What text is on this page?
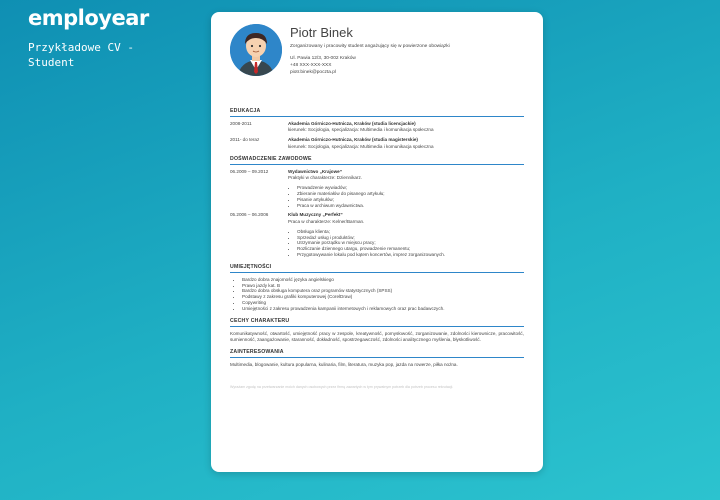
employear
Przykładowe CV - Student
Piotr Binek
Zorganizowany i pracowity student angażujący się w powierzone obowiązki
Ul. Pawia 12/3, 30-002 Kraków
+48 XXX-XXX-XXX
piotr.binek@poczta.pl
EDUKACJA
2008-2011	Akademia Górniczo-Hutnicza, Kraków (studia licencjackie)
kierunek: Socjologia, specjalizacja: Multimedia i komunikacja społeczna
2011- do teraz	Akademia Górniczo-Hutnicza, Kraków (studia magisterskie)
kierunek: Socjologia, specjalizacja: Multimedia i komunikacja społeczna
DOŚWIADCZENIE ZAWODOWE
06.2009 – 09.2012	Wydawnictwo „Krajowe”
Praktyki w charakterze: Dziennikarz.
• Prowadzenie wywiadów;
• Zbieranie materiałów do pisanego artykułu;
• Pisanie artykułów;
• Praca w archiwum wydawnictwa.
05.2006 – 06.2006	Klub Muzyczny „Perfekt”
Praca w charakterze: Kelner/Barman.
• Obsługa klienta;
• Sprzedaż usług i produktów;
• Utrzymanie porządku w miejscu pracy;
• Rozliczanie dziennego utargu, prowadzenie remanentu;
• Przygotowywanie lokalu pod kątem koncertów, imprez zorganizowanych.
UMIEJĘTNOŚCI
• Bardzo dobra znajomość języka angielskiego
• Prawo jazdy kat. B
• Bardzo dobra obsługa komputera oraz programów statystycznych (SPSS)
• Podstawy z zakresu grafiki komputerowej (CorelDraw)
• Copywriting
• Umiejętności z zakresu prowadzenia kampanii internetowych i reklamowych oraz prac badawczych.
CECHY CHARAKTERU
Komunikatywność, otwartość, umiejętność pracy w zespole, kreatywność, pomysłowość, zorganizowanie, zdolności kierownicze, pracowitość, sumienność, zaangażowanie, staranność, dokładność, spostrzegawczość, zdolności analitycznego myślenia, błyskotliwość.
ZAINTERESOWANIA
Multimedia, blogowanie, kultura popularna, kulinaria, film, literatura, muzyka pop, jazda na rowerze, piłka nożna.
Wyrażam zgodę na przetwarzanie moich danych osobowych przez firmę zawartych w tym prywatnym potrzeb dla potrzeb procesu rekrutacji.
